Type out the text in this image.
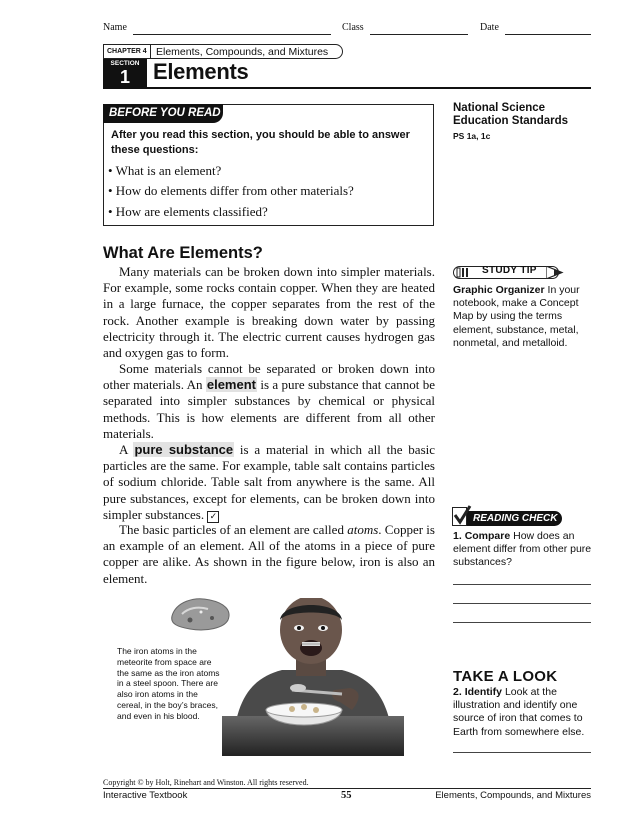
Name	Class	Date
CHAPTER 4 Elements, Compounds, and Mixtures
SECTION
1	Elements
BEFORE YOU READ
After you read this section, you should be able to answer these questions:
• What is an element?
• How do elements differ from other materials?
• How are elements classified?
National Science Education Standards
PS 1a, 1c
What Are Elements?
Many materials can be broken down into simpler materials. For example, some rocks contain copper. When they are heated in a large furnace, the copper separates from the rest of the rock. Another example is breaking down water by passing electricity through it. The electric current causes hydrogen gas and oxygen gas to form.
Some materials cannot be separated or broken down into other materials. An element is a pure substance that cannot be separated into simpler substances by chemical or physical methods. This is how elements are different from all other materials.
A pure substance is a material in which all the basic particles are the same. For example, table salt contains particles of sodium chloride. Table salt from anywhere is the same. All pure substances, except for elements, can be broken down into simpler substances. ✓
The basic particles of an element are called atoms. Copper is an example of an element. All of the atoms in a piece of pure copper are alike. As shown in the figure below, iron is also an element.
STUDY TIP
Graphic Organizer In your notebook, make a Concept Map by using the terms element, substance, metal, nonmetal, and metalloid.
READING CHECK
1. Compare How does an element differ from other pure substances?
TAKE A LOOK
2. Identify Look at the illustration and identify one source of iron that comes to Earth from somewhere else.
The iron atoms in the meteorite from space are the same as the iron atoms in a steel spoon. There are also iron atoms in the cereal, in the boy’s braces, and even in his blood.
Copyright © by Holt, Rinehart and Winston. All rights reserved.
Interactive Textbook	55	Elements, Compounds, and Mixtures
